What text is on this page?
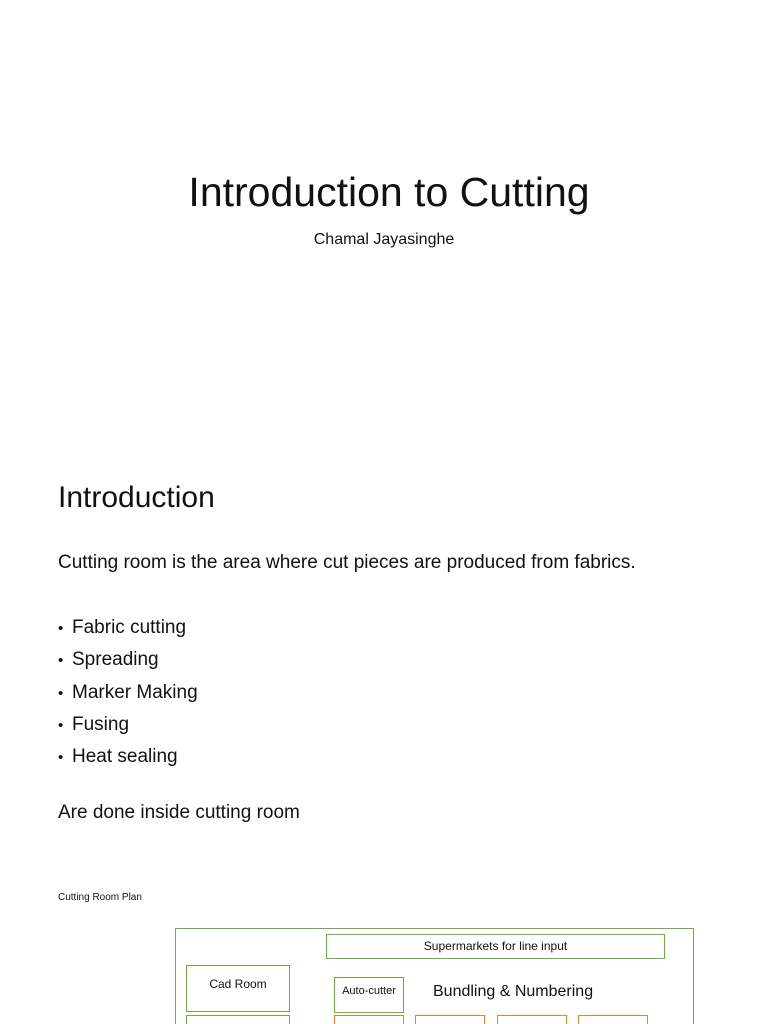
Introduction to Cutting
Chamal Jayasinghe
Introduction
Cutting room is the area where cut pieces are produced from fabrics.
• Fabric cutting
• Spreading
• Marker Making
• Fusing
• Heat sealing
Are done inside cutting room
Cutting Room Plan
Supermarkets for line input
Cad Room	Auto-cutter	Bundling & Numbering
